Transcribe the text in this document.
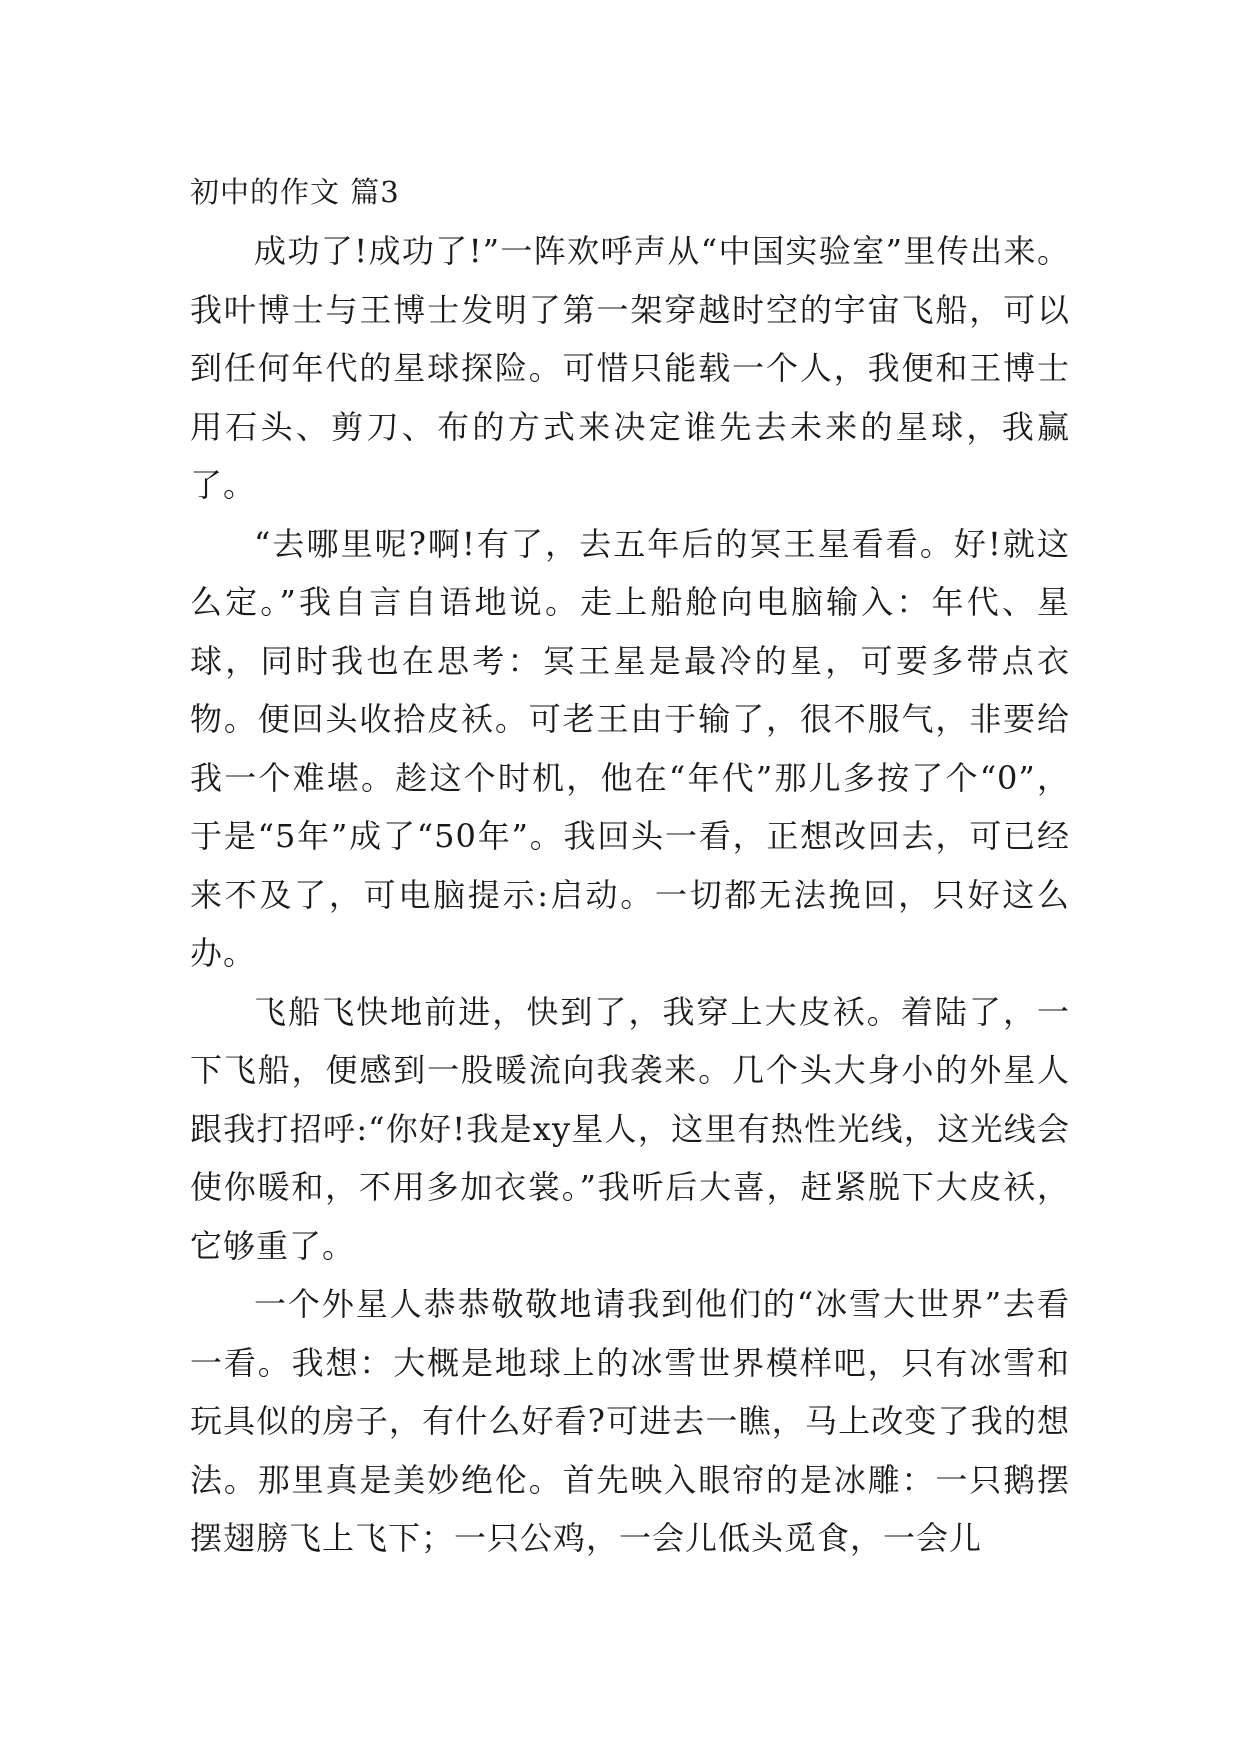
初中的作文 篇3

成功了!成功了!”一阵欢呼声从“中国实验室”里传出来。我叶博士与王博士发明了第一架穿越时空的宇宙飞船，可以到任何年代的星球探险。可惜只能载一个人，我便和王博士用石头、剪刀、布的方式来决定谁先去未来的星球，我赢了。

“去哪里呢?啊!有了，去五年后的冥王星看看。好!就这么定。”我自言自语地说。走上船舱向电脑输入：年代、星球，同时我也在思考：冥王星是最冷的星，可要多带点衣物。便回头收拾皮袄。可老王由于输了，很不服气，非要给我一个难堪。趁这个时机，他在“年代”那儿多按了个“0”，于是“5年”成了“50年”。我回头一看，正想改回去，可已经来不及了，可电脑提示:启动。一切都无法挽回，只好这么办。

飞船飞快地前进，快到了，我穿上大皮袄。着陆了，一下飞船，便感到一股暖流向我袭来。几个头大身小的外星人跟我打招呼:“你好!我是xy星人，这里有热性光线，这光线会使你暖和，不用多加衣裳。”我听后大喜，赶紧脱下大皮袄，它够重了。

一个外星人恭恭敬敬地请我到他们的“冰雪大世界”去看一看。我想：大概是地球上的冰雪世界模样吧，只有冰雪和玩具似的房子，有什么好看?可进去一瞧，马上改变了我的想法。那里真是美妙绝伦。首先映入眼帘的是冰雕：一只鹅摆摆翅膀飞上飞下；一只公鸡，一会儿低头觅食，一会儿
